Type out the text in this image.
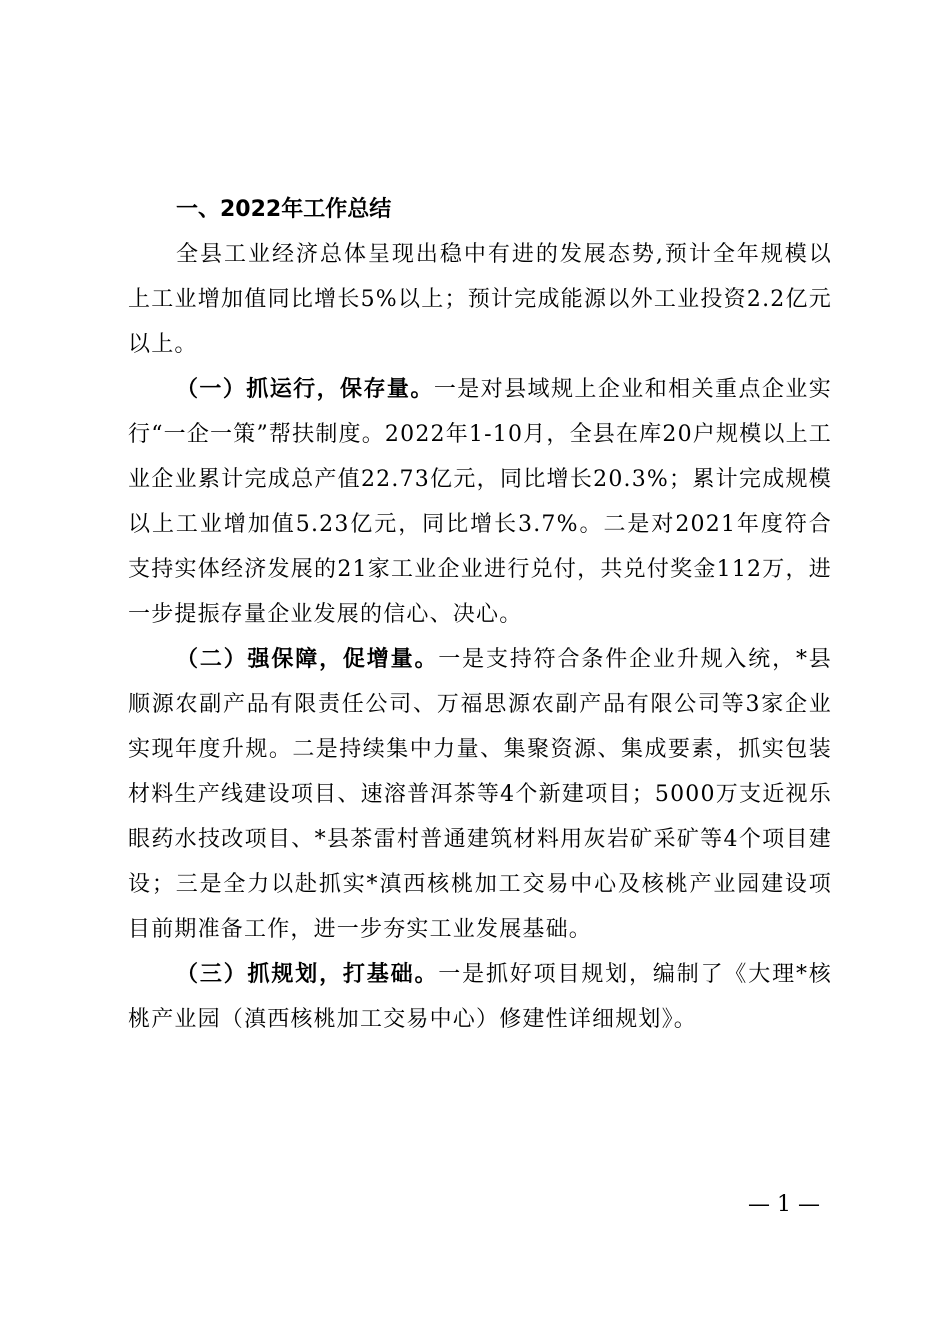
一、2022年工作总结

全县工业经济总体呈现出稳中有进的发展态势,预计全年规模以上工业增加值同比增长5%以上；预计完成能源以外工业投资2.2亿元以上。

（一）抓运行，保存量。一是对县域规上企业和相关重点企业实行“一企一策”帮扶制度。2022年1-10月，全县在库20户规模以上工业企业累计完成总产值22.73亿元，同比增长20.3%；累计完成规模以上工业增加值5.23亿元，同比增长3.7%。二是对2021年度符合支持实体经济发展的21家工业企业进行兑付，共兑付奖金112万，进一步提振存量企业发展的信心、决心。

（二）强保障，促增量。一是支持符合条件企业升规入统，*县顺源农副产品有限责任公司、万福思源农副产品有限公司等3家企业实现年度升规。二是持续集中力量、集聚资源、集成要素，抓实包装材料生产线建设项目、速溶普洱茶等4个新建项目；5000万支近视乐眼药水技改项目、*县茶雷村普通建筑材料用灰岩矿采矿等4个项目建设；三是全力以赴抓实*滇西核桃加工交易中心及核桃产业园建设项目前期准备工作，进一步夯实工业发展基础。

（三）抓规划，打基础。一是抓好项目规划，编制了《大理*核桃产业园（滇西核桃加工交易中心）修建性详细规划》。

— 1 —
